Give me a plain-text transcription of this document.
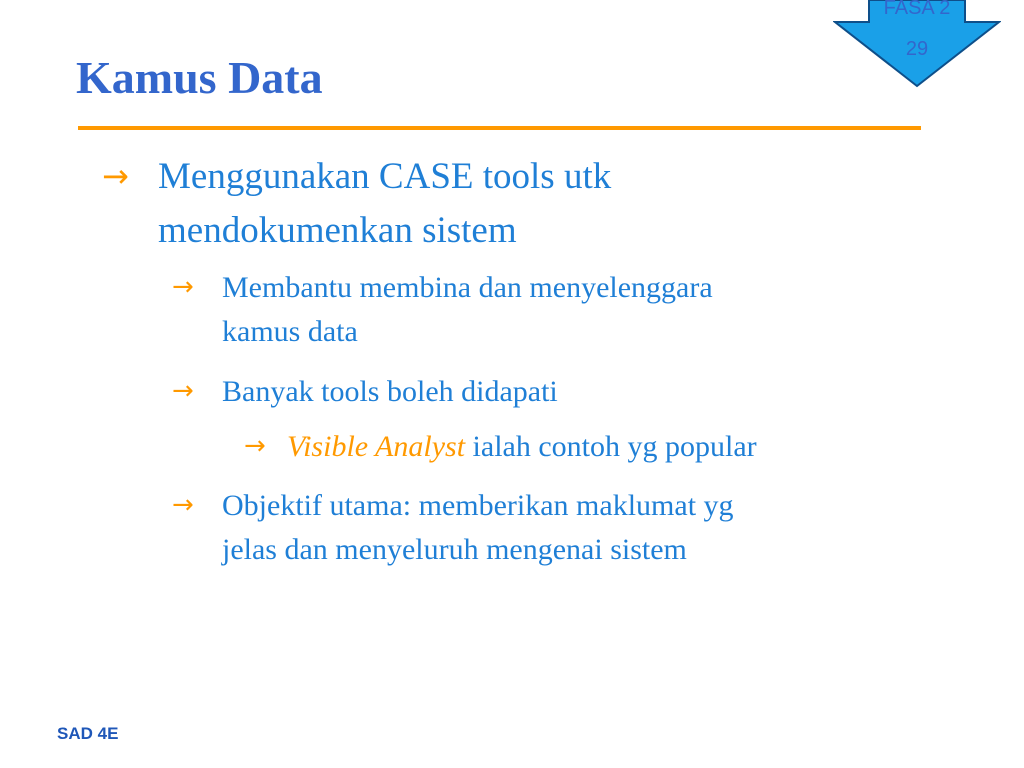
Kamus Data
FASA 2
29
→ Menggunakan CASE tools utk
mendokumenkan sistem
→ Membantu membina dan menyelenggara
kamus data
→ Banyak tools boleh didapati
→ Visible Analyst ialah contoh yg popular
→ Objektif utama: memberikan maklumat yg
jelas dan menyeluruh mengenai sistem
SAD 4E
